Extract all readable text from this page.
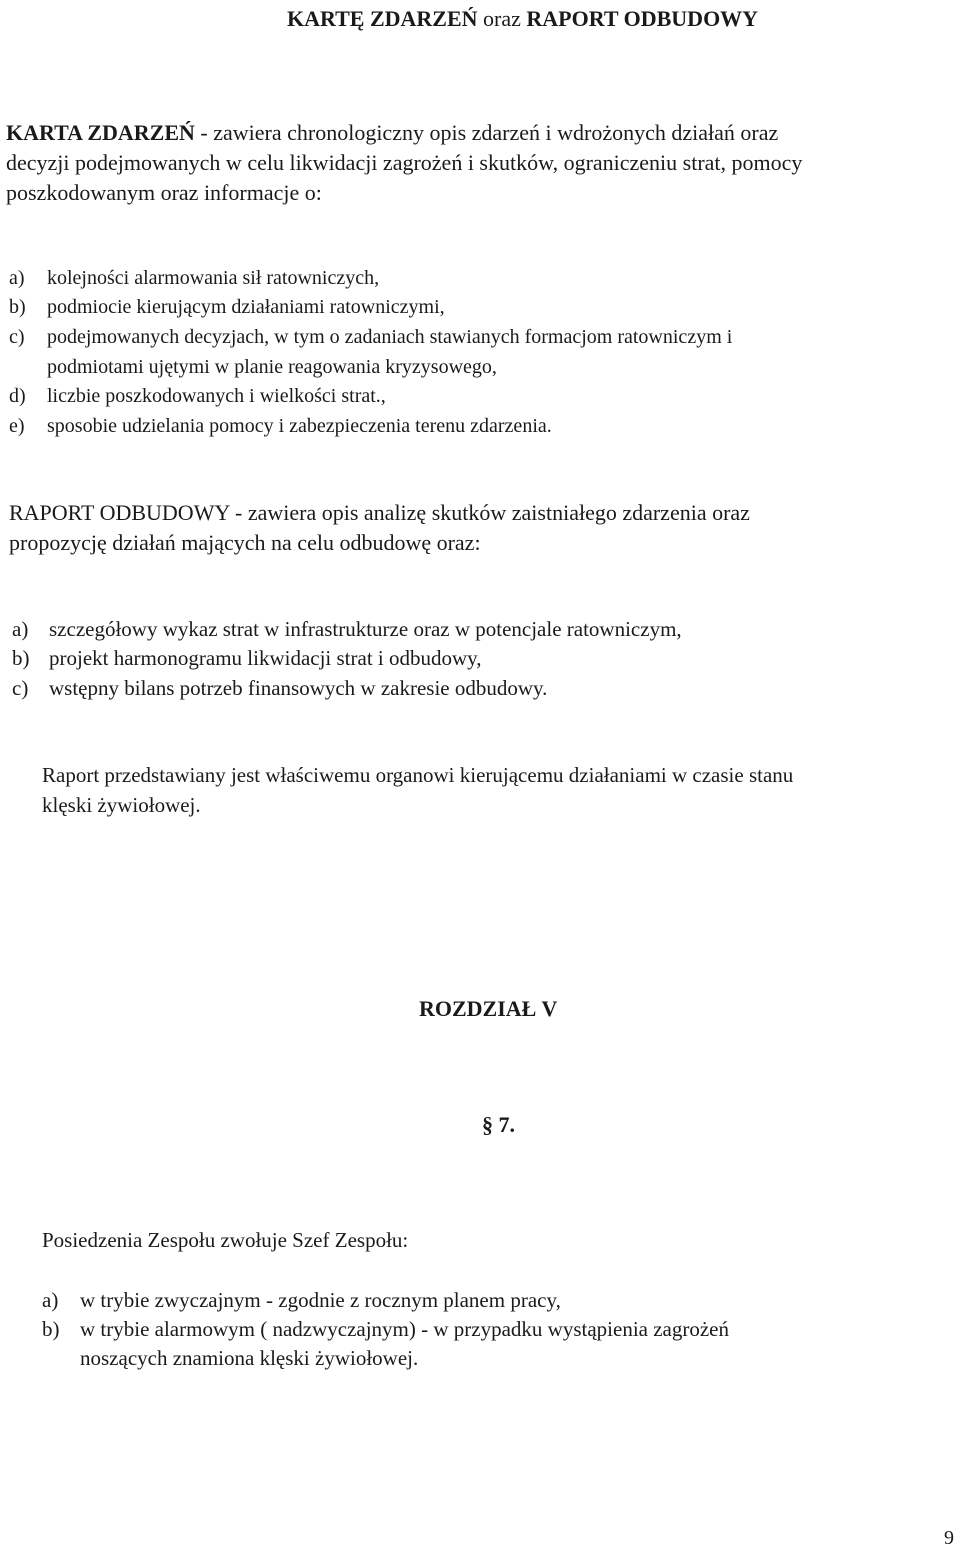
KARTĘ ZDARZEŃ oraz RAPORT ODBUDOWY
KARTA ZDARZEŃ - zawiera chronologiczny opis zdarzeń i wdrożonych działań oraz
decyzji podejmowanych w celu likwidacji zagrożeń i skutków, ograniczeniu strat, pomocy
poszkodowanym oraz informacje o:
a) kolejności alarmowania sił ratowniczych,
b) podmiocie kierującym działaniami ratowniczymi,
c) podejmowanych decyzjach, w tym o zadaniach stawianych formacjom ratowniczym i
podmiotami ujętymi w planie reagowania kryzysowego,
d) liczbie poszkodowanych i wielkości strat.,
e) sposobie udzielania pomocy i zabezpieczenia terenu zdarzenia.
RAPORT ODBUDOWY - zawiera opis analizę skutków zaistniałego zdarzenia oraz
propozycję działań mających na celu odbudowę oraz:
a) szczegółowy wykaz strat w infrastrukturze oraz w potencjale ratowniczym,
b) projekt harmonogramu likwidacji strat i odbudowy,
c) wstępny bilans potrzeb finansowych w zakresie odbudowy.
Raport przedstawiany jest właściwemu organowi kierującemu działaniami w czasie stanu
klęski żywiołowej.
ROZDZIAŁ V
§ 7.
Posiedzenia Zespołu zwołuje Szef Zespołu:
a) w trybie zwyczajnym - zgodnie z rocznym planem pracy,
b) w trybie alarmowym ( nadzwyczajnym) - w przypadku wystąpienia zagrożeń
noszących znamiona klęski żywiołowej.
9
